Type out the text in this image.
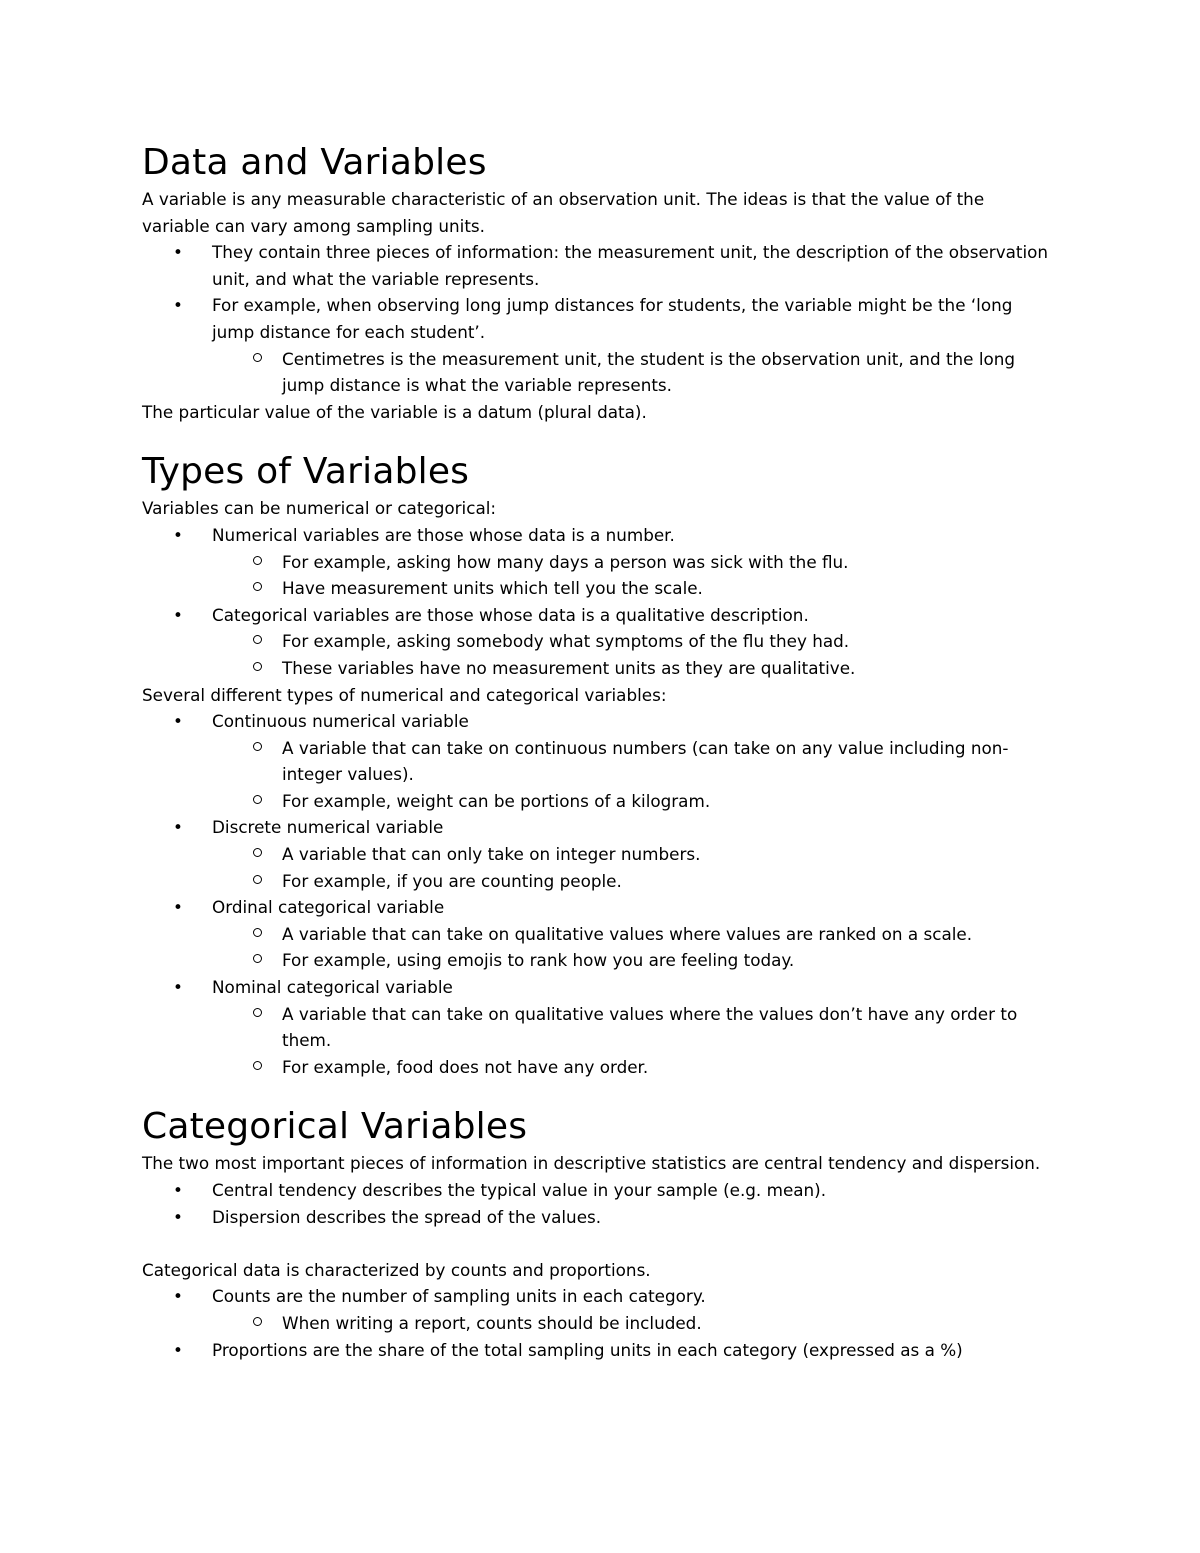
Data and Variables

A variable is any measurable characteristic of an observation unit. The ideas is that the value of the variable can vary among sampling units.

• They contain three pieces of information: the measurement unit, the description of the observation unit, and what the variable represents.
• For example, when observing long jump distances for students, the variable might be the ‘long jump distance for each student’.
Centimetres is the measurement unit, the student is the observation unit, and the long jump distance is what the variable represents.

The particular value of the variable is a datum (plural data).

Types of Variables

Variables can be numerical or categorical:

• Numerical variables are those whose data is a number.
For example, asking how many days a person was sick with the flu.
Have measurement units which tell you the scale.
• Categorical variables are those whose data is a qualitative description.
For example, asking somebody what symptoms of the flu they had.
These variables have no measurement units as they are qualitative.

Several different types of numerical and categorical variables:

• Continuous numerical variable
A variable that can take on continuous numbers (can take on any value including non-integer values).
For example, weight can be portions of a kilogram.
• Discrete numerical variable
A variable that can only take on integer numbers.
For example, if you are counting people.
• Ordinal categorical variable
A variable that can take on qualitative values where values are ranked on a scale.
For example, using emojis to rank how you are feeling today.
• Nominal categorical variable
A variable that can take on qualitative values where the values don’t have any order to them.
For example, food does not have any order.
Categorical Variables

The two most important pieces of information in descriptive statistics are central tendency and dispersion.

• Central tendency describes the typical value in your sample (e.g. mean).
• Dispersion describes the spread of the values.

Categorical data is characterized by counts and proportions.

• Counts are the number of sampling units in each category.
When writing a report, counts should be included.
• Proportions are the share of the total sampling units in each category (expressed as a %)
